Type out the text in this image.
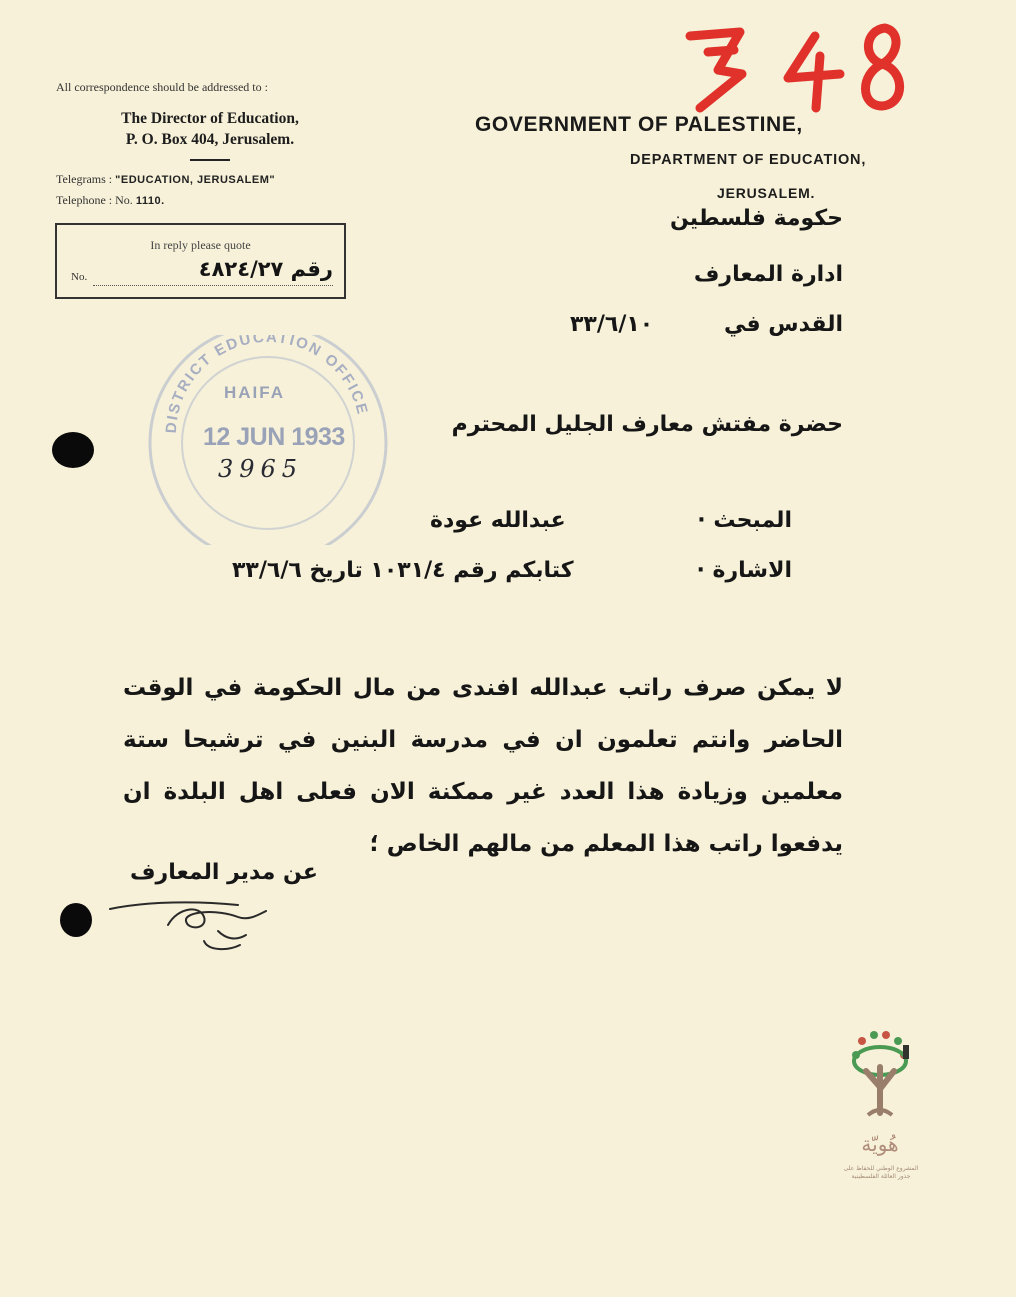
All correspondence should be addressed to :
The Director of Education,
P. O. Box 404, Jerusalem.
Telegrams : "EDUCATION, JERUSALEM"
Telephone : No. 1110.
In reply please quote
No.	رقم ٤٨٢٤/٢٧
GOVERNMENT OF PALESTINE,
DEPARTMENT OF EDUCATION,
JERUSALEM.
حكومة فلسطين
ادارة المعارف
القدس في
٣٣/٦/١٠
DISTRICT EDUCATION OFFICE
HAIFA
12 JUN 1933
3965
حضرة مفتش معارف الجليل المحترم
المبحث ·
عبدالله عودة
الاشارة ·
كتابكم رقم ١٠٣١/٤ تاريخ ٣٣/٦/٦
لا يمكن صرف راتب عبدالله افندى من مال الحكومة في الوقت الحاضر وانتم تعلمون ان في مدرسة البنين في ترشيحا ستة معلمين وزيادة هذا العدد غير ممكنة الان فعلى اهل البلدة ان يدفعوا راتب هذا المعلم من مالهم الخاص ؛
عن مدير المعارف
هُويّة
المشروع الوطني للحفاظ على
جذور العائلة الفلسطينية
